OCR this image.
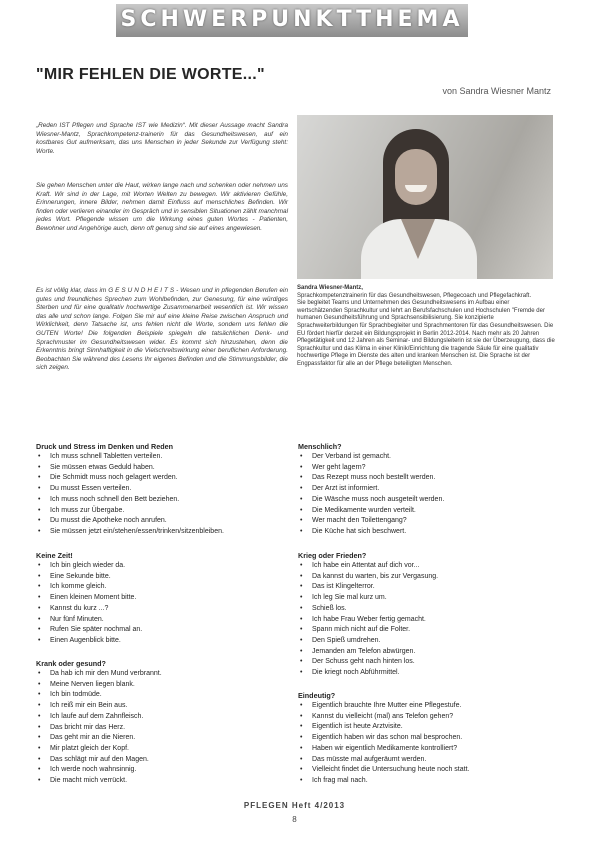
SCHWERPUNKTTHEMA
"MIR FEHLEN DIE WORTE..."
von Sandra Wiesner Mantz

„Reden IST Pflegen und Sprache IST wie Medizin“. Mit dieser Aussage macht Sandra Wiesner-Mantz, Sprachkompetenz-trainerin für das Gesundheitswesen, auf ein kostbares Gut aufmerksam, das uns Menschen in jeder Sekunde zur Verfügung steht: Worte.

Sie gehen Menschen unter die Haut, wirken lange nach und schenken oder nehmen uns Kraft. Wir sind in der Lage, mit Worten Welten zu bewegen. Wir aktivieren Gefühle, Erinnerungen, innere Bilder, nehmen damit Einfluss auf menschliches Befinden. Wir finden oder verlieren einander im Gespräch und in sensiblen Situationen zählt manchmal jedes Wort. Pflegende wissen um die Wirkung eines guten Wortes - Patienten, Bewohner und Angehörige auch, denn oft genug sind sie auf eines angewiesen.

Es ist völlig klar, dass im G E S U N D H E I T S - Wesen und in pflegenden Berufen ein gutes und freundliches Sprechen zum Wohlbefinden, zur Genesung, für eine würdiges Sterben und für eine qualitativ hochwertige Zusammenarbeit wesentlich ist. Wir wissen das alle und schon lange. Folgen Sie mir auf eine kleine Reise zwischen Anspruch und Wirklichkeit, denn Tatsache ist, uns fehlen nicht die Worte, sondern uns fehlen die GUTEN Worte! Die folgenden Beispiele spiegeln die tatsächlichen Denk- und Sprachmuster im Gesundheitswesen wider. Es kommt sich hinzustehen, denn die Erkenntnis bringt Sinnhaftigkeit in die Vielschreitswirkung einer beruflichen Anforderung. Beobachten Sie während des Lesens Ihr eigenes Befinden und die Stimmungsbilder, die sich zeigen.

Sandra Wiesner-Mantz,
Sprachkompetenztrainerin für das Gesundheitswesen, Pflegecoach und Pflegefachkraft.
Sie begleitet Teams und Unternehmen des Gesundheitswesens im Aufbau einer wertschätzenden Sprachkultur und lehrt an Berufsfachschulen und Hochschulen "Fremde der humanen Gesundheitsführung und Sprachsensibilisierung. Sie konzipierte Sprachweiterbildungen für Sprachbegleiter und Sprachmentoren für das Gesundheitswesen. Die EU fördert hierfür derzeit ein Bildungsprojekt in Berlin 2012-2014. Nach mehr als 20 Jahren Pflegetätigkeit und 12 Jahren als Seminar- und Bildungsleiterin ist sie der Überzeugung, dass die Sprachkultur und das Klima in einer Klinik/Einrichtung die tragende Säule für eine qualitativ hochwertige Pflege im Dienste des alten und kranken Menschen ist. Die Sprache ist der Engpassfaktor für alle an der Pflege beteiligten Menschen.
Druck und Stress im Denken und Reden
• Ich muss schnell Tabletten verteilen.
• Sie müssen etwas Geduld haben.
• Die Schmidt muss noch gelagert werden.
• Du musst Essen verteilen.
• Ich muss noch schnell den Bett beziehen.
• Ich muss zur Übergabe.
• Du musst die Apotheke noch anrufen.
• Sie müssen jetzt ein/stehen/essen/trinken/sitzenbleiben.
Keine Zeit!
• Ich bin gleich wieder da.
• Eine Sekunde bitte.
• Ich komme gleich.
• Einen kleinen Moment bitte.
• Kannst du kurz ...?
• Nur fünf Minuten.
• Rufen Sie später nochmal an.
• Einen Augenblick bitte.
Krank oder gesund?
• Da hab ich mir den Mund verbrannt.
• Meine Nerven liegen blank.
• Ich bin todmüde.
• Ich reiß mir ein Bein aus.
• Ich laufe auf dem Zahnfleisch.
• Das bricht mir das Herz.
• Das geht mir an die Nieren.
• Mir platzt gleich der Kopf.
• Das schlägt mir auf den Magen.
• Ich werde noch wahnsinnig.
• Die macht mich verrückt.
Menschlich?
• Der Verband ist gemacht.
• Wer geht lagern?
• Das Rezept muss noch bestellt werden.
• Der Arzt ist informiert.
• Die Wäsche muss noch ausgeteilt werden.
• Die Medikamente wurden verteilt.
• Wer macht den Toilettengang?
• Die Küche hat sich beschwert.
Krieg oder Frieden?
• Ich habe ein Attentat auf dich vor...
• Da kannst du warten, bis zur Vergasung.
• Das ist Klingelterror.
• Ich leg Sie mal kurz um.
• Schieß los.
• Ich habe Frau Weber fertig gemacht.
• Spann mich nicht auf die Folter.
• Den Spieß umdrehen.
• Jemanden am Telefon abwürgen.
• Der Schuss geht nach hinten los.
• Die kriegt noch Abführmittel.
Eindeutig?
• Eigentlich brauchte Ihre Mutter eine Pflegestufe.
• Kannst du vielleicht (mal) ans Telefon gehen?
• Eigentlich ist heute Arztvisite.
• Eigentlich haben wir das schon mal besprochen.
• Haben wir eigentlich Medikamente kontrolliert?
• Das müsste mal aufgeräumt werden.
• Vielleicht findet die Untersuchung heute noch statt.
• Ich frag mal nach.
PFLEGEN Heft 4/2013
8
